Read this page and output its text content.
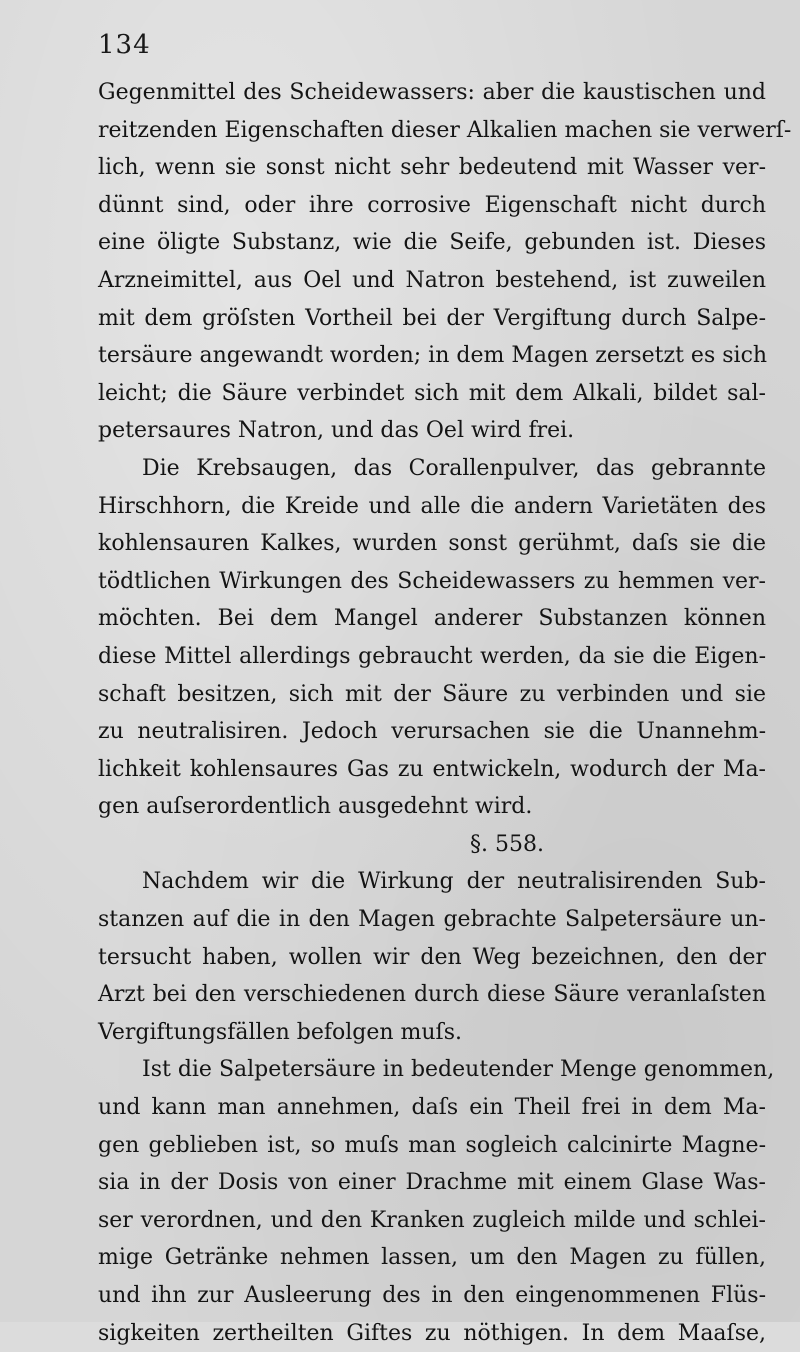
134
Gegenmittel des Scheidewassers: aber die kaustischen und
reitzenden Eigenschaften dieser Alkalien machen sie verwerſ-
lich, wenn sie sonst nicht sehr bedeutend mit Wasser ver-
dünnt sind, oder ihre corrosive Eigenschaft nicht durch
eine öligte Substanz, wie die Seife, gebunden ist. Dieses
Arzneimittel, aus Oel und Natron bestehend, ist zuweilen
mit dem gröſsten Vortheil bei der Vergiftung durch Salpe-
tersäure angewandt worden; in dem Magen zersetzt es sich
leicht; die Säure verbindet sich mit dem Alkali, bildet sal-
petersaures Natron, und das Oel wird frei.
Die Krebsaugen, das Corallenpulver, das gebrannte
Hirschhorn, die Kreide und alle die andern Varietäten des
kohlensauren Kalkes, wurden sonst gerühmt, daſs sie die
tödtlichen Wirkungen des Scheidewassers zu hemmen ver-
möchten. Bei dem Mangel anderer Substanzen können
diese Mittel allerdings gebraucht werden, da sie die Eigen-
schaft besitzen, sich mit der Säure zu verbinden und sie
zu neutralisiren. Jedoch verursachen sie die Unannehm-
lichkeit kohlensaures Gas zu entwickeln, wodurch der Ma-
gen auſserordentlich ausgedehnt wird.
§. 558.
Nachdem wir die Wirkung der neutralisirenden Sub-
stanzen auf die in den Magen gebrachte Salpetersäure un-
tersucht haben, wollen wir den Weg bezeichnen, den der
Arzt bei den verschiedenen durch diese Säure veranlaſsten
Vergiftungsfällen befolgen muſs.
Ist die Salpetersäure in bedeutender Menge genommen,
und kann man annehmen, daſs ein Theil frei in dem Ma-
gen geblieben ist, so muſs man sogleich calcinirte Magne-
sia in der Dosis von einer Drachme mit einem Glase Was-
ser verordnen, und den Kranken zugleich milde und schlei-
mige Getränke nehmen lassen, um den Magen zu füllen,
und ihn zur Ausleerung des in den eingenommenen Flüs-
sigkeiten zertheilten Giftes zu nöthigen. In dem Maaſse,
